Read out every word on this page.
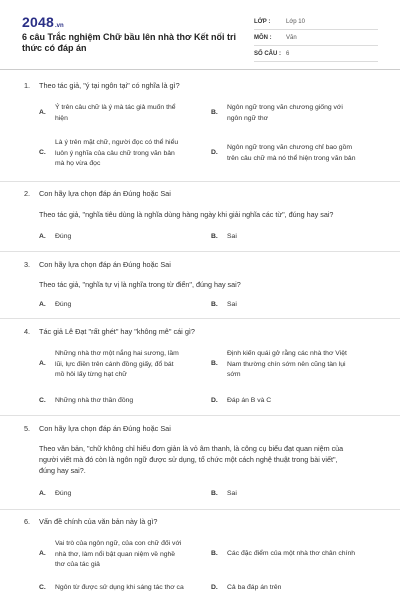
2048 .vn
6 câu Trắc nghiệm Chữ bầu lên nhà thơ Kết nối tri thức có đáp án
LỚP :	Lớp 10
MÔN :	Văn
SỐ CÂU : 6
1. Theo tác giả, "ý tại ngôn tại" có nghĩa là gì?
A.
Ý trên câu chữ là ý mà tác giả muốn thể
hiện
B.
Ngôn ngữ trong văn chương giống với
ngôn ngữ thơ
C.
Là ý trên mặt chữ, người đọc có thể hiểu
luôn ý nghĩa của câu chữ trong văn bản
mà họ vừa đọc
D.
Ngôn ngữ trong văn chương chỉ bao gồm
trên câu chữ mà nó thể hiện trong văn bản
2. Con hãy lựa chọn đáp án Đúng hoặc Sai
Theo tác giả, "nghĩa tiêu dùng là nghĩa dùng hàng ngày khi giải nghĩa các từ", đúng hay sai?
A. Đúng	B. Sai
3. Con hãy lựa chọn đáp án Đúng hoặc Sai
Theo tác giả, "nghĩa tự vị là nghĩa trong từ điển", đúng hay sai?
A. Đúng	B. Sai
4. Tác giả Lê Đạt "rất ghét" hay "không mê" cái gì?
A.
Những nhà thơ một nắng hai sương, lầm
lũi, lực điền trên cánh đồng giấy, đổ bát
mồ hôi lấy từng hạt chữ
B.
Định kiến quái gở rằng các nhà thơ Việt
Nam thường chín sớm nên cũng tàn lụi
sớm
C. Những nhà thơ thần đồng	D. Đáp án B và C
5. Con hãy lựa chọn đáp án Đúng hoặc Sai
Theo văn bản, "chữ không chỉ hiểu đơn giản là vỏ âm thanh, là công cụ biểu đạt quan niệm của
người viết mà đó còn là ngôn ngữ được sử dụng, tổ chức một cách nghệ thuật trong bài viết",
đúng hay sai?.
A. Đúng	B. Sai
6. Vấn đề chính của văn bản này là gì?
A.
Vai trò của ngôn ngữ, của con chữ đối với
nhà thơ, làm nổi bật quan niệm về nghề
thơ của tác giả
B. Các đặc điểm của một nhà thơ chân chính
C. Ngôn từ được sử dụng khi sáng tác thơ ca	D. Cả ba đáp án trên
